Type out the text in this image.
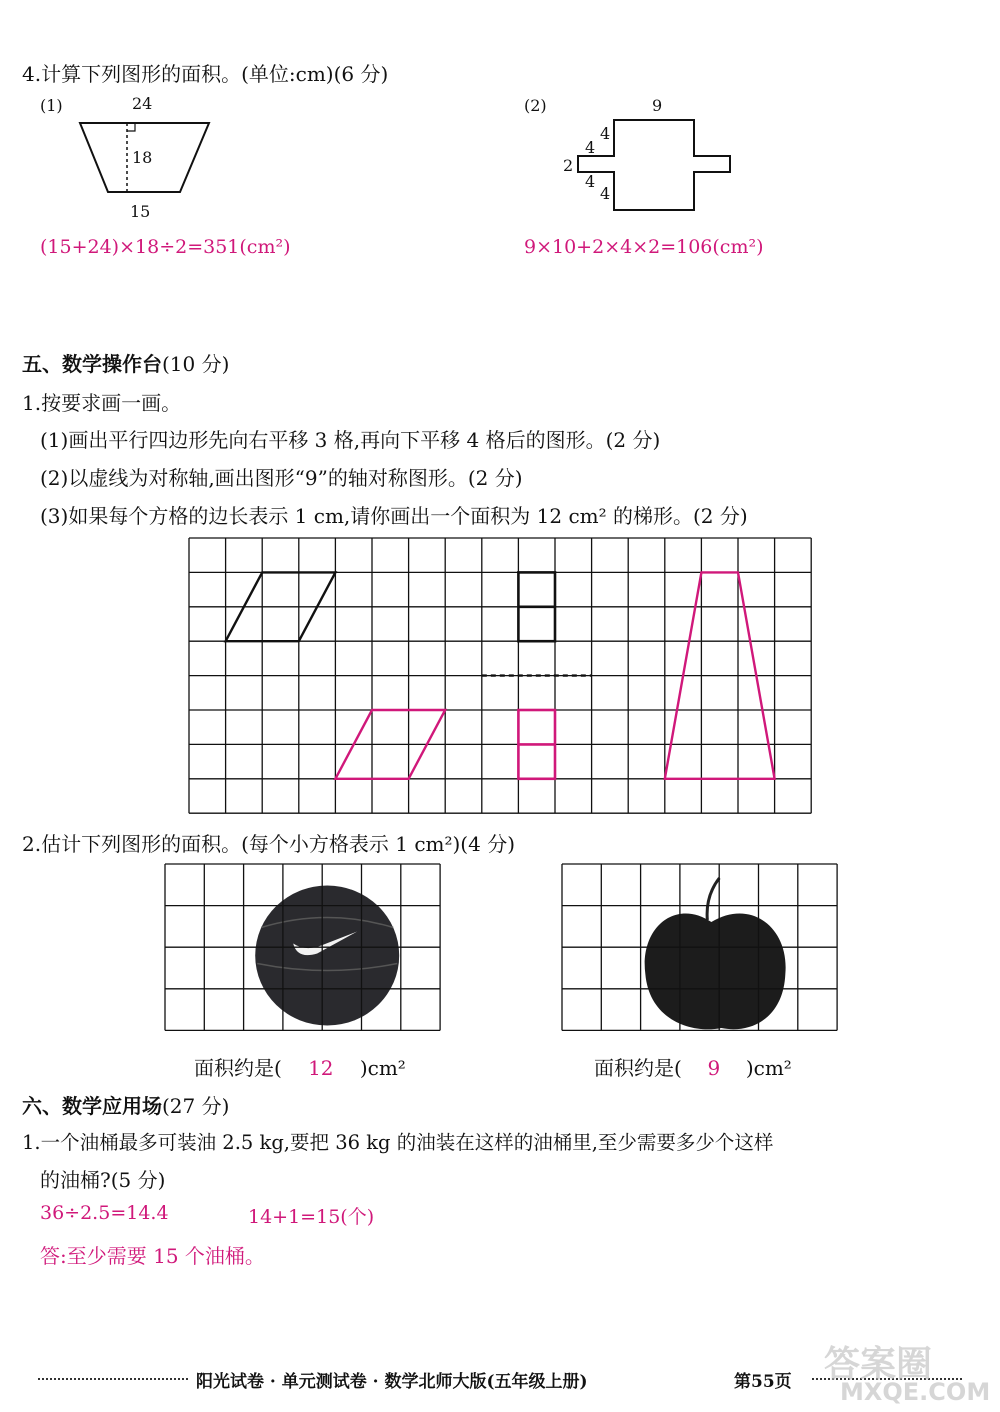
4.计算下列图形的面积。(单位:cm)(6 分)
(1)	24
18
15
(15+24)×18÷2=351(cm²)
(2)	9
4
4
2
4
4
9×10+2×4×2=106(cm²)
五、数学操作台(10 分)
1.按要求画一画。
(1)画出平行四边形先向右平移 3 格,再向下平移 4 格后的图形。(2 分)
(2)以虚线为对称轴,画出图形“9”的轴对称图形。(2 分)
(3)如果每个方格的边长表示 1 cm,请你画出一个面积为 12 cm² 的梯形。(2 分)
2.估计下列图形的面积。(每个小方格表示 1 cm²)(4 分)
面积约是( 12 )cm²	面积约是( 9 )cm²
六、数学应用场(27 分)
1.一个油桶最多可装油 2.5 kg,要把 36 kg 的油装在这样的油桶里,至少需要多少个这样
的油桶?(5 分)
36÷2.5=14.4	14+1=15(个)
答:至少需要 15 个油桶。
阳光试卷 · 单元测试卷 · 数学北师大版(五年级上册)	第55页 答案圈
MXQE.COM
